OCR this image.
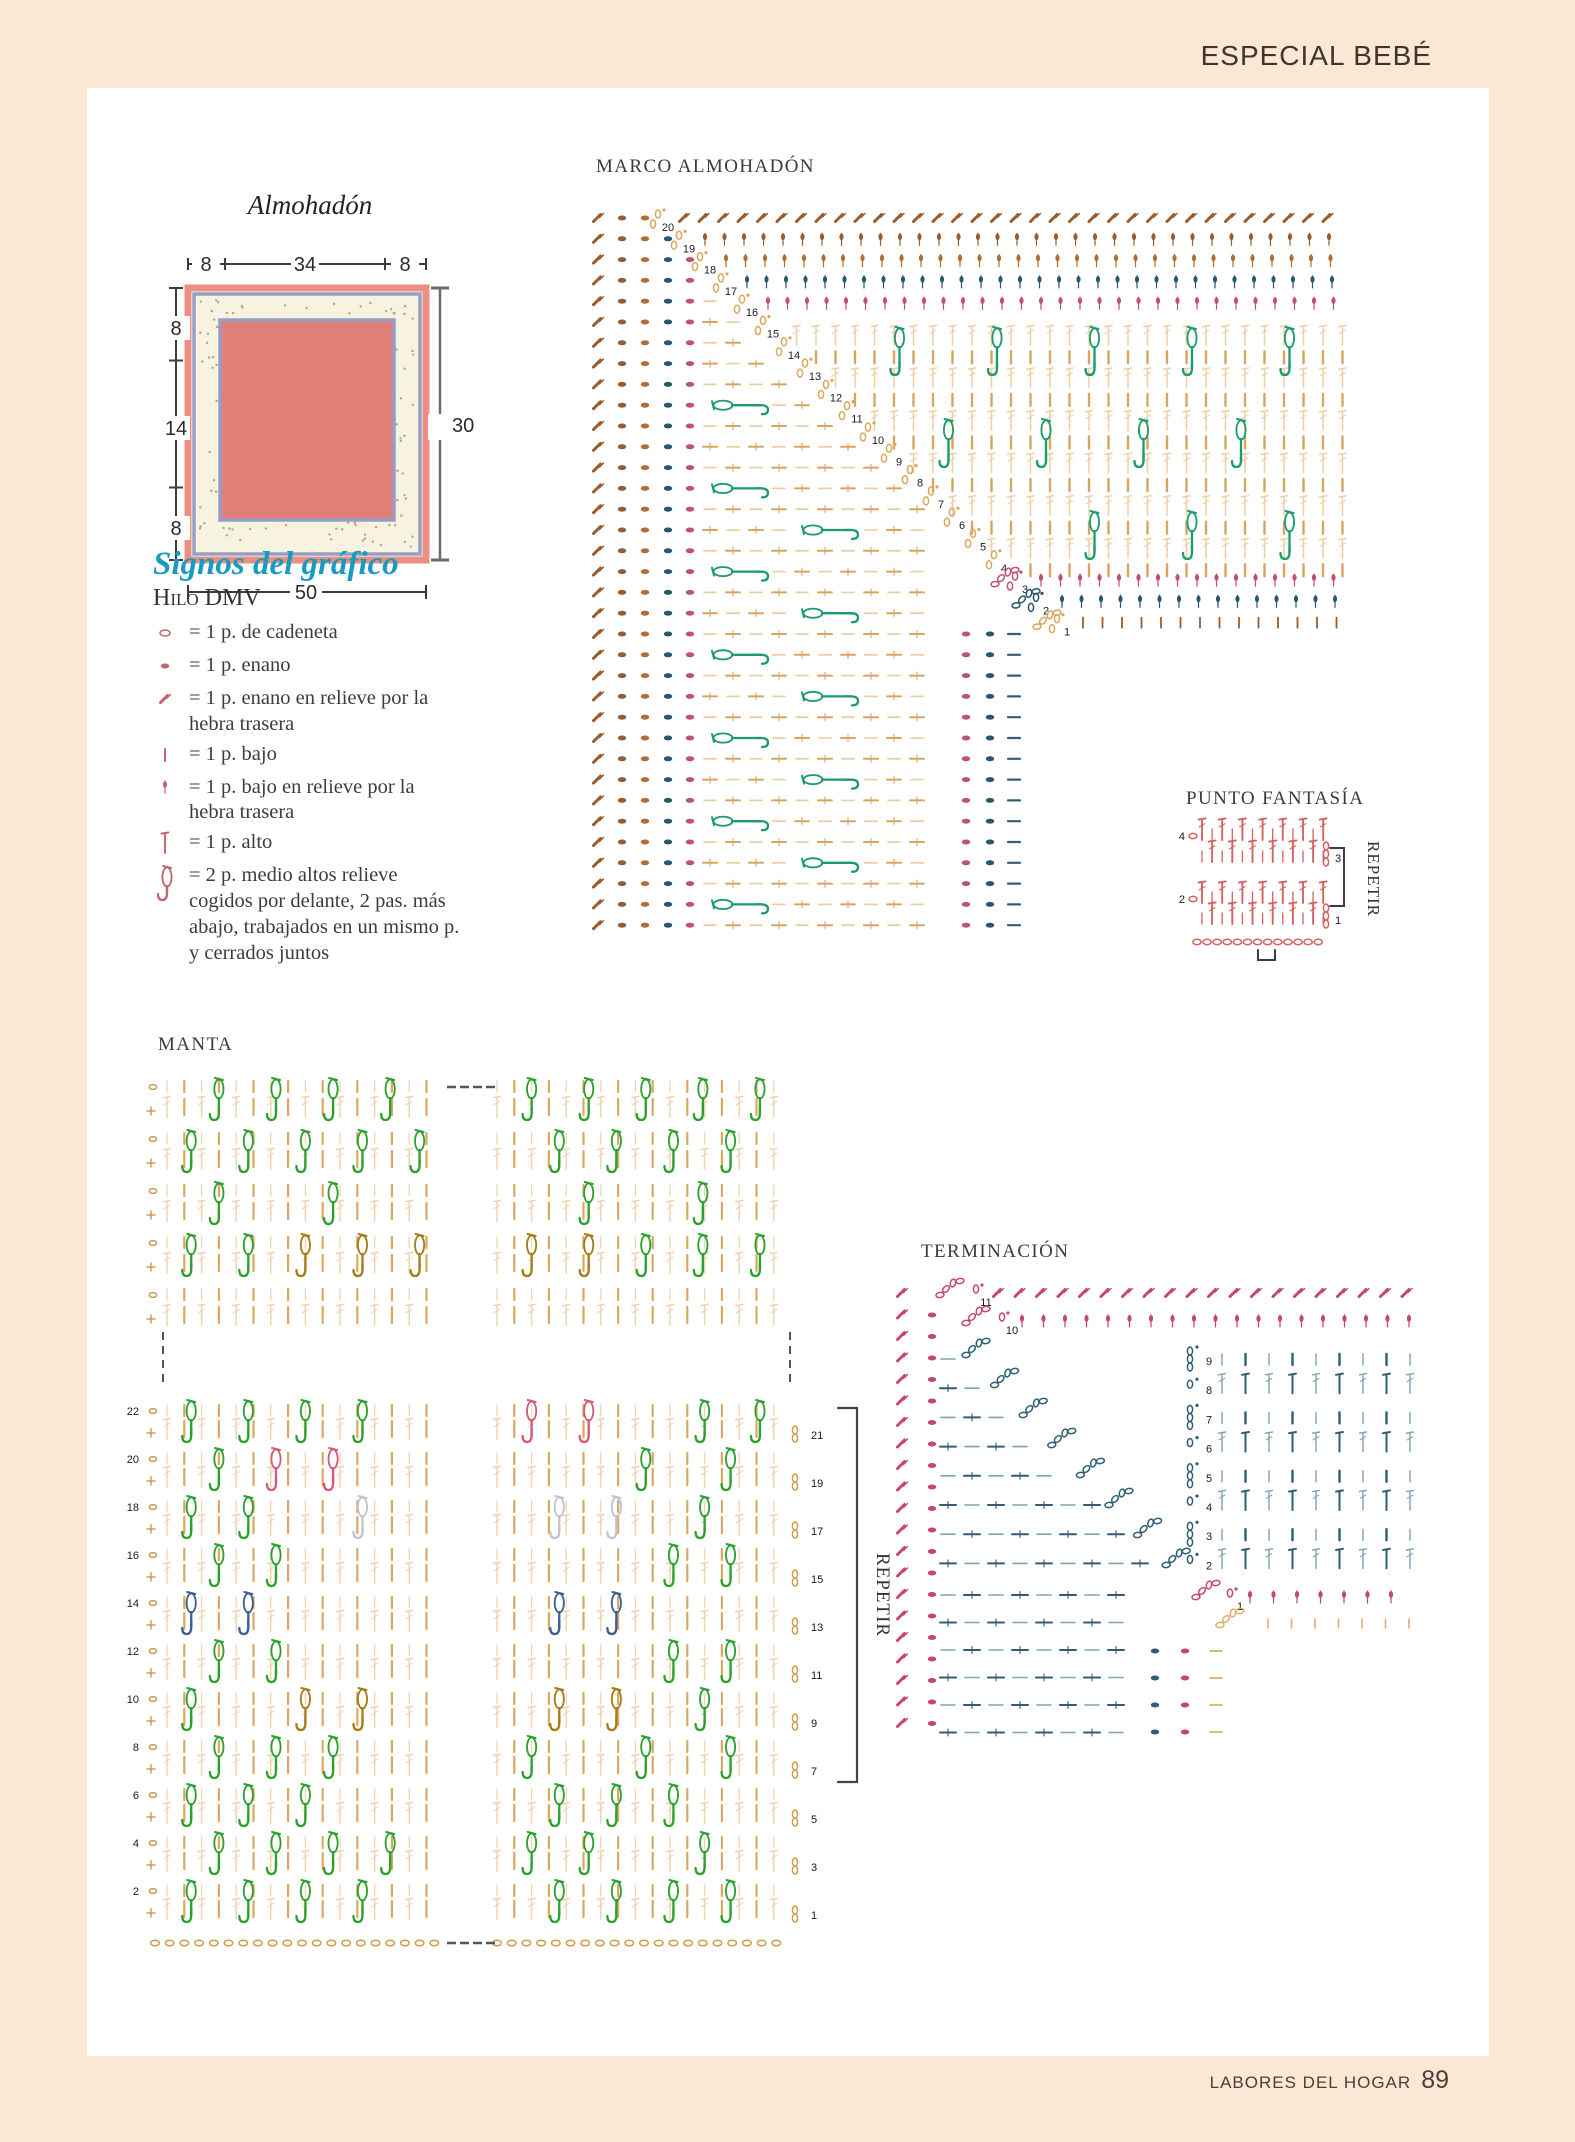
ESPECIAL BEBÉ
Almohadón
8	34	8
8
14
8
30
50
Signos del gráfico
Hilo DMV
= 1 p. de cadeneta
= 1 p. enano
= 1 p. enano en relieve por la hebra trasera
= 1 p. bajo
= 1 p. bajo en relieve por la hebra trasera
= 1 p. alto
= 2 p. medio altos relieve cogidos por delante, 2 pas. más abajo, trabajados en un mismo p. y cerrados juntos
MARCO ALMOHADÓN
20
19
18
17
16
15
14
13
12
11
10
9
8
7
6
5
4
3
2
1
PUNTO FANTASÍA
4
3
2
1
REPETIR
MANTA
22
21
20
19
18
17
16
15
14
13
12
11
10
9
8
7
6
5
4
3
2
1
REPETIR
TERMINACIÓN
11
10
9
8
7
6
5
4
3
2
1
LABORES DEL HOGAR 89
